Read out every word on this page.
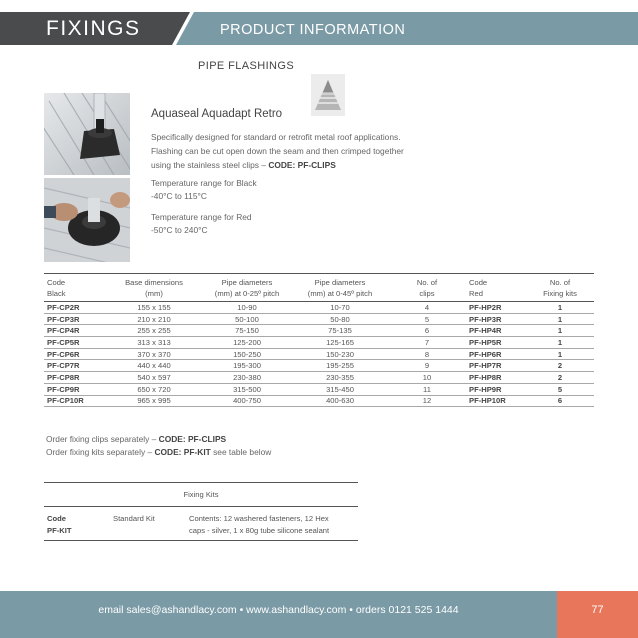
FIXINGS	PRODUCT INFORMATION
PIPE FLASHINGS
Aquaseal Aquadapt Retro
Specifically designed for standard or retrofit metal roof applications.
Flashing can be cut open down the seam and then crimped together
using the stainless steel clips – CODE: PF-CLIPS
Temperature range for Black
-40°C to 115°C
Temperature range for Red
-50°C to 240°C
Code	Base dimensions	Pipe diameters	Pipe diameters	No. of	Code	No. of
Black	(mm)	(mm) at 0-25º pitch	(mm) at 0-45º pitch	clips	Red	Fixing kits
PF-CP2R	155 x 155	10-90	10-70	4	PF-HP2R	1
PF-CP3R	210 x 210	50-100	50-80	5	PF-HP3R	1
PF-CP4R	255 x 255	75-150	75-135	6	PF-HP4R	1
PF-CP5R	313 x 313	125-200	125-165	7	PF-HP5R	1
PF-CP6R	370 x 370	150-250	150-230	8	PF-HP6R	1
PF-CP7R	440 x 440	195-300	195-255	9	PF-HP7R	2
PF-CP8R	540 x 597	230-380	230-355	10	PF-HP8R	2
PF-CP9R	650 x 720	315-500	315-450	11	PF-HP9R	5
PF-CP10R	965 x 995	400-750	400-630	12	PF-HP10R	6
Order fixing clips separately – CODE: PF-CLIPS
Order fixing kits separately – CODE: PF-KIT see table below
Fixing Kits		
Code	Standard Kit	Contents: 12 washered fasteners, 12 Hex
PF-KIT		caps - silver, 1 x 80g tube silicone sealant
email sales@ashandlacy.com • www.ashandlacy.com • orders 0121 525 1444	77
